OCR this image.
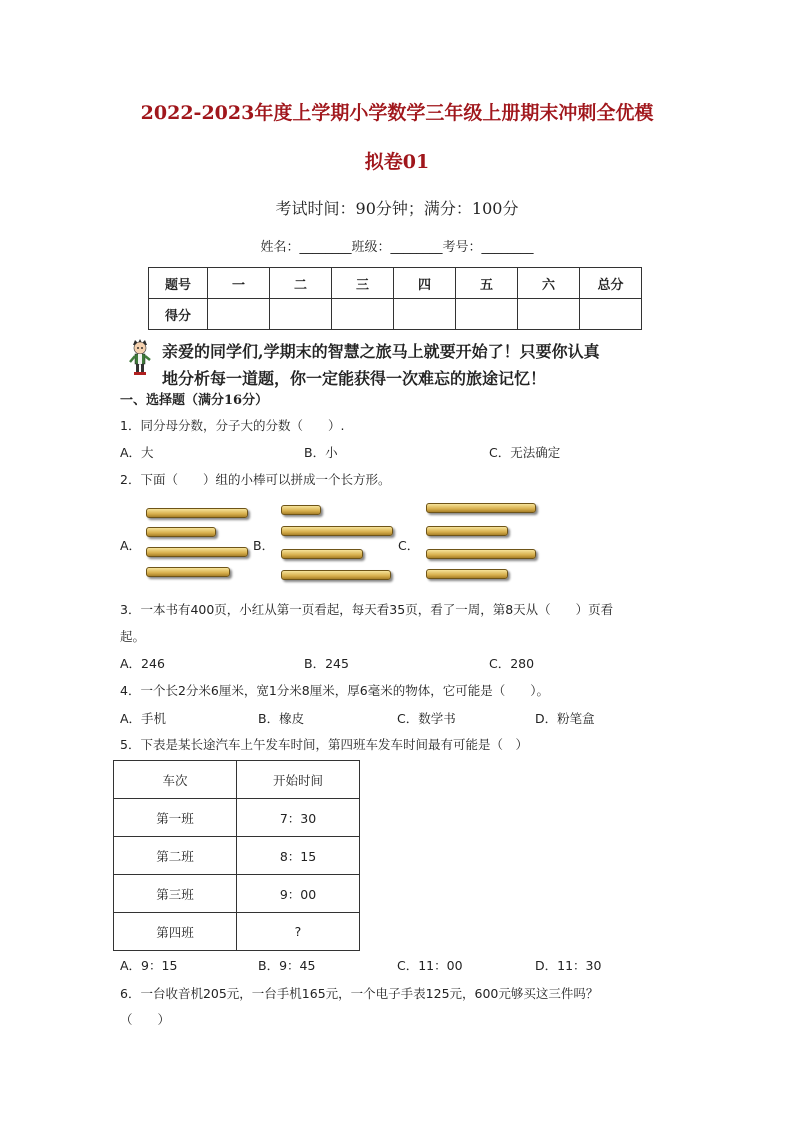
2022-2023年度上学期小学数学三年级上册期末冲刺全优模
拟卷01
考试时间：90分钟；满分：100分
姓名：________班级：________考号：________
题号	一	二	三	四	五	六	总分
得分							
亲爱的同学们,学期末的智慧之旅马上就要开始了！只要你认真
地分析每一道题，你一定能获得一次难忘的旅途记忆！
一、选择题（满分16分）
1．同分母分数，分子大的分数（　　）.
A．大	B．小	C．无法确定
2．下面（　　）组的小棒可以拼成一个长方形。
A．	B．	C．
3．一本书有400页，小红从第一页看起，每天看35页，看了一周，第8天从（　　）页看
起。
A．246	B．245	C．280
4．一个长2分米6厘米，宽1分米8厘米，厚6毫米的物体，它可能是（　　）。
A．手机	B．橡皮	C．数学书	D．粉笔盒
5．下表是某长途汽车上午发车时间，第四班车发车时间最有可能是（　）
车次	开始时间
第一班	7：30
第二班	8：15
第三班	9：00
第四班	?
A．9：15	B．9：45	C．11：00	D．11：30
6．一台收音机205元，一台手机165元，一个电子手表125元，600元够买这三件吗？
（　　）
